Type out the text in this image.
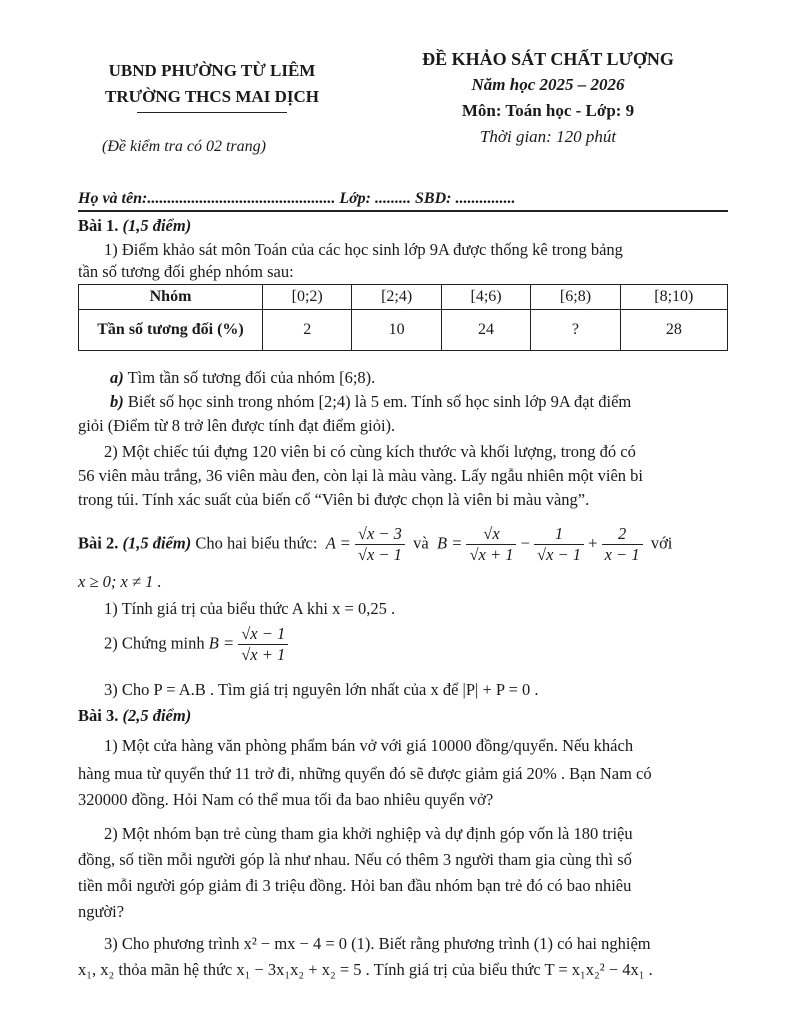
UBND PHƯỜNG TỪ LIÊM
TRƯỜNG THCS MAI DỊCH
(Đề kiểm tra có 02 trang)
ĐỀ KHẢO SÁT CHẤT LƯỢNG
Năm học 2025 – 2026
Môn: Toán học - Lớp: 9
Thời gian: 120 phút
Họ và tên:............................................... Lớp: ......... SBD: ...............
Bài 1. (1,5 điểm)
1) Điểm khảo sát môn Toán của các học sinh lớp 9A được thống kê trong bảng
tần số tương đối ghép nhóm sau:
Nhóm	[0;2)	[2;4)	[4;6)	[6;8)	[8;10)
Tần số tương đối (%)	2	10	24	?	28
a) Tìm tần số tương đối của nhóm [6;8).
b) Biết số học sinh trong nhóm [2;4) là 5 em. Tính số học sinh lớp 9A đạt điểm
giỏi (Điểm từ 8 trở lên được tính đạt điểm giỏi).
2) Một chiếc túi đựng 120 viên bi có cùng kích thước và khối lượng, trong đó có
56 viên màu trắng, 36 viên màu đen, còn lại là màu vàng. Lấy ngẫu nhiên một viên bi
trong túi. Tính xác suất của biến cố “Viên bi được chọn là viên bi màu vàng”.
Bài 2. (1,5 điểm) Cho hai biểu thức: $A = \frac{√x - 3}{√x - 1}$ và $B = \frac{√x}{√x + 1} - \frac{1}{√x - 1} + \frac{2}{x - 1}$ với
x ≥ 0; x ≠ 1 .
1) Tính giá trị của biểu thức A khi x = 0,25 .
2) Chứng minh $B = \frac{√x - 1}{√x + 1}$
3) Cho P = A.B . Tìm giá trị nguyên lớn nhất của x để |P| + P = 0 .
Bài 3. (2,5 điểm)
1) Một cửa hàng văn phòng phẩm bán vở với giá 10000 đồng/quyển. Nếu khách
hàng mua từ quyển thứ 11 trở đi, những quyển đó sẽ được giảm giá 20% . Bạn Nam có
320000 đồng. Hỏi Nam có thể mua tối đa bao nhiêu quyển vở?
2) Một nhóm bạn trẻ cùng tham gia khởi nghiệp và dự định góp vốn là 180 triệu
đồng, số tiền mỗi người góp là như nhau. Nếu có thêm 3 người tham gia cùng thì số
tiền mỗi người góp giảm đi 3 triệu đồng. Hỏi ban đầu nhóm bạn trẻ đó có bao nhiêu
người?
3) Cho phương trình x² − mx − 4 = 0 (1). Biết rằng phương trình (1) có hai nghiệm
x₁, x₂ thỏa mãn hệ thức x₁ − 3x₁x₂ + x₂ = 5 . Tính giá trị của biểu thức T = x₁x₂² − 4x₁ .
